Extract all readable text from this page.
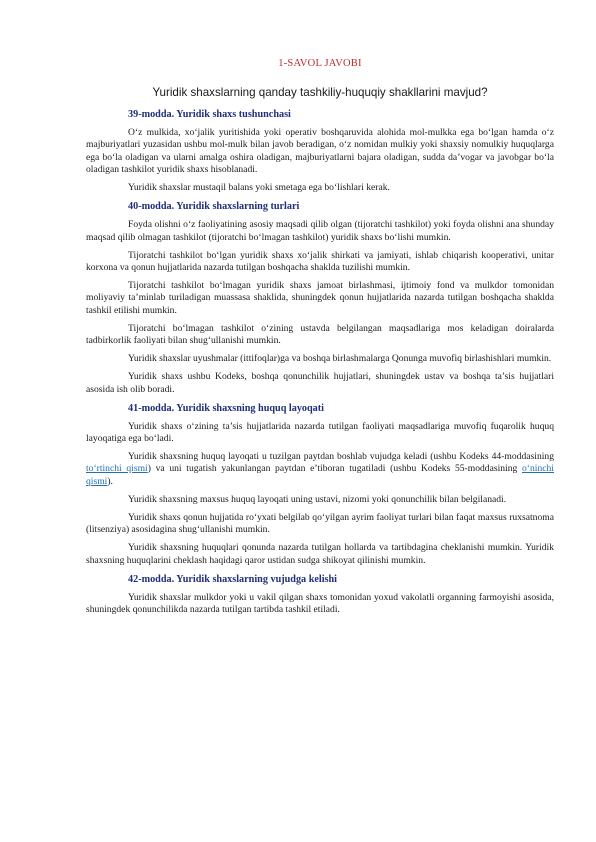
1-SAVOL JAVOBI

Yuridik shaxslarning qanday tashkiliy-huquqiy shakllarini mavjud?

39-modda. Yuridik shaxs tushunchasi

O‘z mulkida, xo‘jalik yuritishida yoki operativ boshqaruvida alohida mol-mulkka ega bo‘lgan hamda o‘z majburiyatlari yuzasidan ushbu mol-mulk bilan javob beradigan, o‘z nomidan mulkiy yoki shaxsiy nomulkiy huquqlarga ega bo‘la oladigan va ularni amalga oshira oladigan, majburiyatlarni bajara oladigan, sudda da’vogar va javobgar bo‘la oladigan tashkilot yuridik shaxs hisoblanadi.

Yuridik shaxslar mustaqil balans yoki smetaga ega bo‘lishlari kerak.

40-modda. Yuridik shaxslarning turlari

Foyda olishni o‘z faoliyatining asosiy maqsadi qilib olgan (tijoratchi tashkilot) yoki foyda olishni ana shunday maqsad qilib olmagan tashkilot (tijoratchi bo‘lmagan tashkilot) yuridik shaxs bo‘lishi mumkin.

Tijoratchi tashkilot bo‘lgan yuridik shaxs xo‘jalik shirkati va jamiyati, ishlab chiqarish kooperativi, unitar korxona va qonun hujjatlarida nazarda tutilgan boshqacha shaklda tuzilishi mumkin.

Tijoratchi tashkilot bo‘lmagan yuridik shaxs jamoat birlashmasi, ijtimoiy fond va mulkdor tomonidan moliyaviy ta’minlab turiladigan muassasa shaklida, shuningdek qonun hujjatlarida nazarda tutilgan boshqacha shaklda tashkil etilishi mumkin.

Tijoratchi bo‘lmagan tashkilot o‘zining ustavda belgilangan maqsadlariga mos keladigan doiralarda tadbirkorlik faoliyati bilan shug‘ullanishi mumkin.

Yuridik shaxslar uyushmalar (ittifoqlar)ga va boshqa birlashmalarga Qonunga muvofiq birlashishlari mumkin.

Yuridik shaxs ushbu Kodeks, boshqa qonunchilik hujjatlari, shuningdek ustav va boshqa ta’sis hujjatlari asosida ish olib boradi.

41-modda. Yuridik shaxsning huquq layoqati

Yuridik shaxs o‘zining ta’sis hujjatlarida nazarda tutilgan faoliyati maqsadlariga muvofiq fuqarolik huquq layoqatiga ega bo‘ladi.

Yuridik shaxsning huquq layoqati u tuzilgan paytdan boshlab vujudga keladi (ushbu Kodeks 44-moddasining to‘rtinchi qismi) va uni tugatish yakunlangan paytdan e’tiboran tugatiladi (ushbu Kodeks 55-moddasining o‘ninchi qismi).

Yuridik shaxsning maxsus huquq layoqati uning ustavi, nizomi yoki qonunchilik bilan belgilanadi.

Yuridik shaxs qonun hujjatida ro‘yxati belgilab qo‘yilgan ayrim faoliyat turlari bilan faqat maxsus ruxsatnoma (litsenziya) asosidagina shug‘ullanishi mumkin.

Yuridik shaxsning huquqlari qonunda nazarda tutilgan hollarda va tartibdagina cheklanishi mumkin. Yuridik shaxsning huquqlarini cheklash haqidagi qaror ustidan sudga shikoyat qilinishi mumkin.

42-modda. Yuridik shaxslarning vujudga kelishi

Yuridik shaxslar mulkdor yoki u vakil qilgan shaxs tomonidan yoxud vakolatli organning farmoyishi asosida, shuningdek qonunchilikda nazarda tutilgan tartibda tashkil etiladi.
